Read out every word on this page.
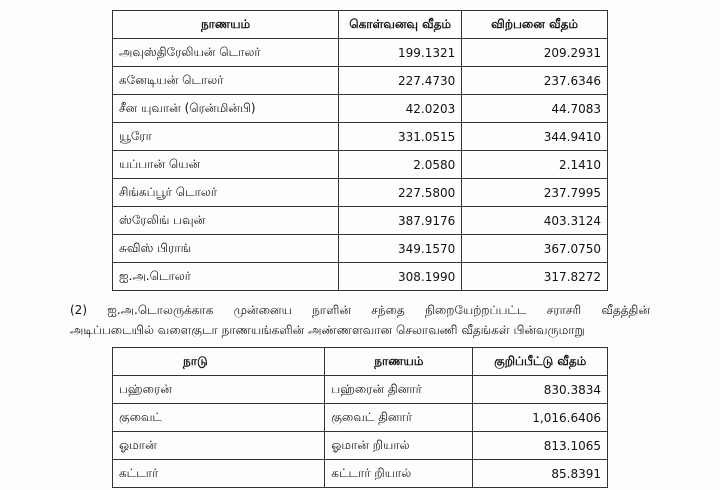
நாணயம்	கொள்வனவு வீதம்	விற்பனை வீதம்
அவுஸ்திரேலியன் டொலர்	199.1321	209.2931
கனேடியன் டொலர்	227.4730	237.6346
சீன யுவான் (ரென்மின்பி)	42.0203	44.7083
யூரோ	331.0515	344.9410
யப்பான் யென்	2.0580	2.1410
சிங்கப்பூர் டொலர்	227.5800	237.7995
ஸ்ரேலிங் பவுன்	387.9176	403.3124
சுவிஸ் பிராங்	349.1570	367.0750
ஐ.அ.டொலர்	308.1990	317.8272
(2) ஐ.அ.டொலருக்காக முன்னைய நாளின் சந்தை நிறையேற்றப்பட்ட சராசரி வீதத்தின்
அடிப்படையில் வளைகுடா நாணயங்களின் அண்ணளவான செலாவணி வீதங்கள் பின்வருமாறு
நாடு	நாணயம்	குறிப்பீட்டு வீதம்
பஹ்ரைன்	பஹ்ரைன் தினார்	830.3834
குவைட்	குவைட் தினார்	1,016.6406
ஓமான்	ஓமான் றியால்	813.1065
கட்டார்	கட்டார் றியால்	85.8391
